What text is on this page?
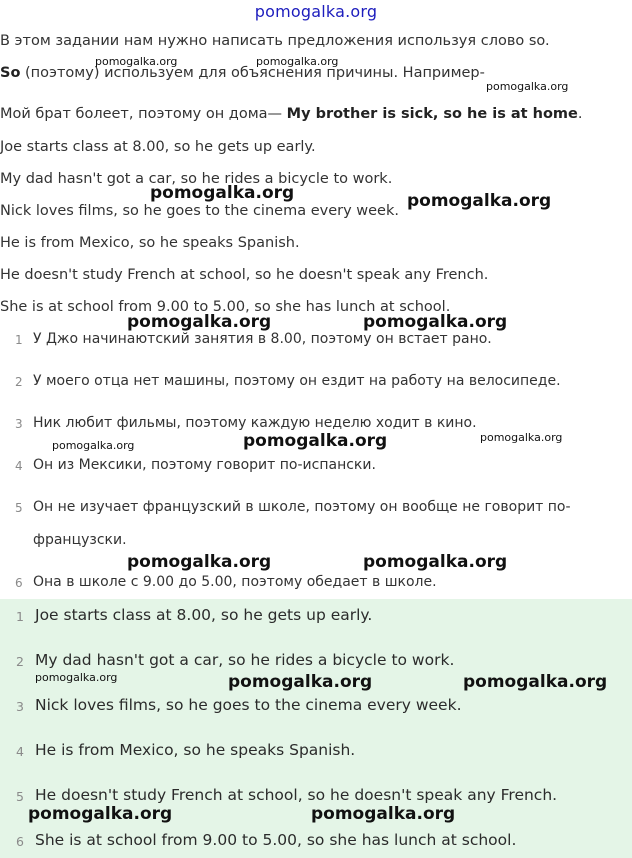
pomogalka.org
В этом задании нам нужно написать предложения используя слово so.
So (поэтому) используем для объяснения причины. Например-
Мой брат болеет, поэтому он дома— My brother is sick, so he is at home.
Joe starts class at 8.00, so he gets up early.
My dad hasn't got a car, so he rides a bicycle to work.
Nick loves films, so he goes to the cinema every week.
He is from Mexico, so he speaks Spanish.
He doesn't study French at school, so he doesn't speak any French.
She is at school from 9.00 to 5.00, so she has lunch at school.
1 У Джо начинаютский занятия в 8.00, поэтому он встает рано.
2 У моего отца нет машины, поэтому он ездит на работу на велосипеде.
3 Ник любит фильмы, поэтому каждую неделю ходит в кино.
4 Он из Мексики, поэтому говорит по-испански.
5 Он не изучает французский в школе, поэтому он вообще не говорит по-
французски.
6 Она в школе с 9.00 до 5.00, поэтому обедает в школе.
1 Joe starts class at 8.00, so he gets up early.
2 My dad hasn't got a car, so he rides a bicycle to work.
3 Nick loves films, so he goes to the cinema every week.
4 He is from Mexico, so he speaks Spanish.
5 He doesn't study French at school, so he doesn't speak any French.
6 She is at school from 9.00 to 5.00, so she has lunch at school.
pomogalka.org	pomogalka.org
pomogalka.org
pomogalka.org	pomogalka.org
pomogalka.org	pomogalka.org
pomogalka.org	pomogalka.org	pomogalka.org
pomogalka.org	pomogalka.org
pomogalka.org	pomogalka.org	pomogalka.org
pomogalka.org	pomogalka.org
